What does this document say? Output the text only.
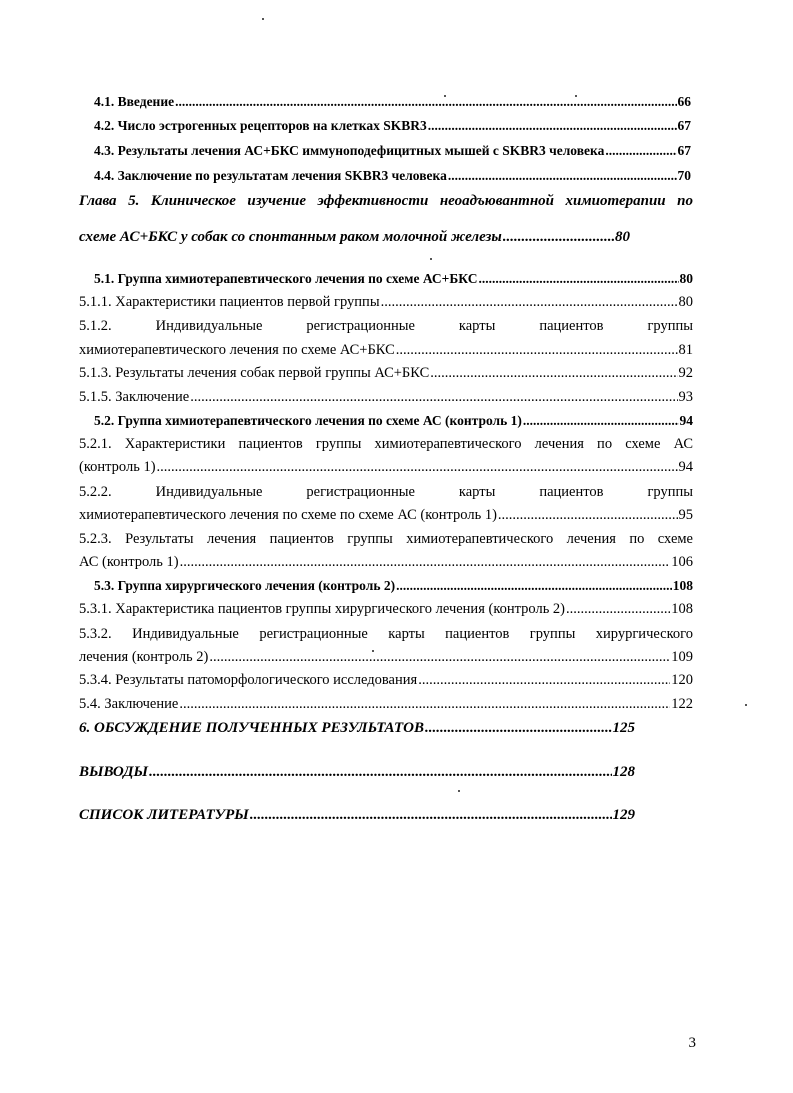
4.1. Введение .....	66
4.2. Число эстрогенных рецепторов на клетках SKBR3 .....	67
4.3. Результаты лечения АС+БКС иммуноподефицитных мышей с SKBR3 человека .....	67
4.4. Заключение по результатам лечения SKBR3 человека .....	70
Глава 5. Клиническое изучение эффективности неоадъювантной химиотерапии по
схеме АС+БКС у собак со спонтанным раком молочной железы .....	80
5.1. Группа химиотерапевтического лечения по схеме АС+БКС .....	80
5.1.1. Характеристики пациентов первой группы .....	80
5.1.2. Индивидуальные регистрационные карты пациентов группы
химиотерапевтического лечения по схеме АС+БКС .....	81
5.1.3. Результаты лечения собак первой группы АС+БКС .....	92
5.1.5. Заключение .....	93
5.2. Группа химиотерапевтического лечения по схеме АС (контроль 1) .....	94
5.2.1. Характеристики пациентов группы химиотерапевтического лечения по схеме АС
(контроль 1) .....	94
5.2.2. Индивидуальные регистрационные карты пациентов группы
химиотерапевтического лечения по схеме по схеме АС (контроль 1) .....	95
5.2.3. Результаты лечения пациентов группы химиотерапевтического лечения по схеме
АС (контроль 1) .....	106
5.3. Группа хирургического лечения (контроль 2) .....	108
5.3.1. Характеристика пациентов группы хирургического лечения (контроль 2) .....	108
5.3.2. Индивидуальные регистрационные карты пациентов группы хирургического
лечения (контроль 2) .....	109
5.3.4. Результаты патоморфологического исследования .....	120
5.4. Заключение .....	122
6. ОБСУЖДЕНИЕ ПОЛУЧЕННЫХ РЕЗУЛЬТАТОВ .....	125
ВЫВОДЫ .....	128
СПИСОК ЛИТЕРАТУРЫ .....	129
3
